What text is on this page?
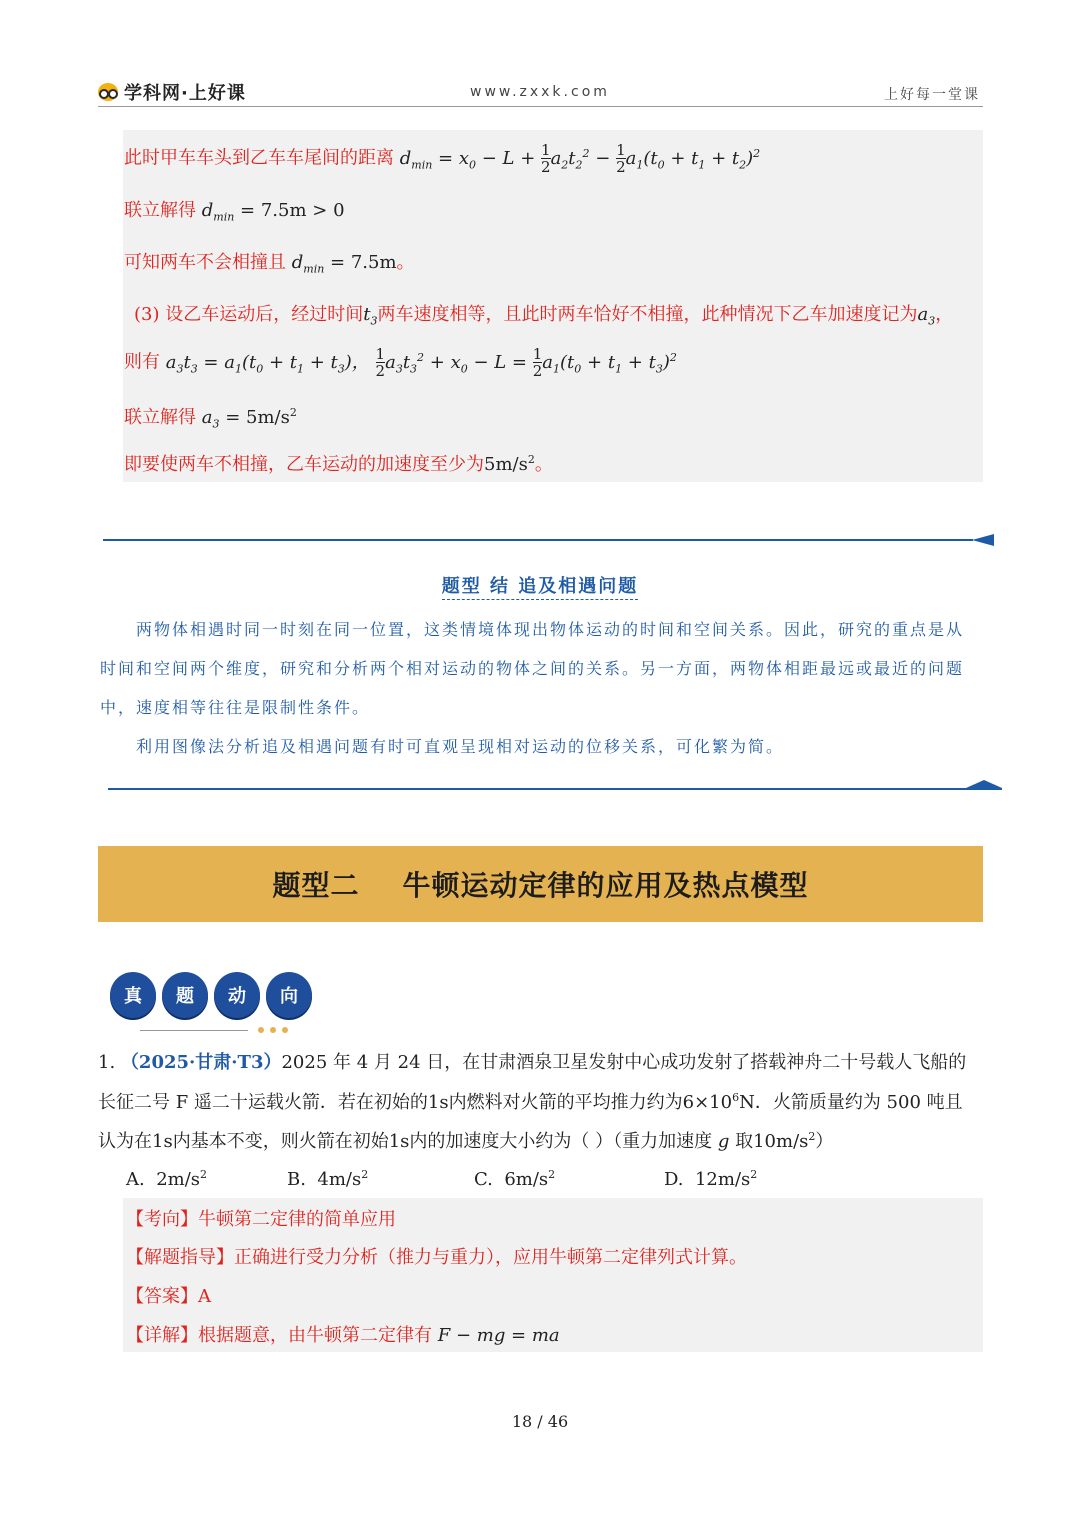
学科网·上好课	www.zxxk.com	上好每一堂课
此时甲车车头到乙车车尾间的距离 $d_{min} = x_0 - L + \frac{1}{2} a_2t_2^2 - \frac{1}{2} a_1(t_0 + t_1 + t_2)^2$
联立解得 $d_{min} = 7.5m > 0$
可知两车不会相撞且 $d_{min} = 7.5m$。
(3) 设乙车运动后，经过时间$t_3$两车速度相等，且此时两车恰好不相撞，此种情况下乙车加速度记为$a_3$，
则有 $a_3t_3 = a_1(t_0 + t_1 + t_3)$， $\frac{1}{2} a_3t_3^2 + x_0 - L = \frac{1}{2} a_1(t_0 + t_1 + t_3)^2$
联立解得 $a_3 = 5m/s^2$
即要使两车不相撞，乙车运动的加速度至少为$5m/s^2$。
题型 结 追及相遇问题
两物体相遇时同一时刻在同一位置，这类情境体现出物体运动的时间和空间关系。因此，研究的重点是从时间和空间两个维度，研究和分析两个相对运动的物体之间的关系。另一方面，两物体相距最远或最近的问题中，速度相等往往是限制性条件。
利用图像法分析追及相遇问题有时可直观呈现相对运动的位移关系，可化繁为简。
题型二    牛顿运动定律的应用及热点模型
真	题	动	向
1. （2025·甘肃·T3）2025 年 4 月 24 日，在甘肃酒泉卫星发射中心成功发射了搭载神舟二十号载人飞船的
长征二号 F 遥二十运载火箭．若在初始的1s内燃料对火箭的平均推力约为$6\times 10^6N$．火箭质量约为 500 吨且
认为在1s内基本不变，则火箭在初始1s内的加速度大小约为（ ）（重力加速度 g 取$10m/s^2$）
A. $2m/s^2$	B. $4m/s^2$	C. $6m/s^2$	D. $12m/s^2$
【考向】牛顿第二定律的简单应用
【解题指导】正确进行受力分析（推力与重力），应用牛顿第二定律列式计算。
【答案】A
【详解】根据题意，由牛顿第二定律有 F − mg = ma
18 / 46
